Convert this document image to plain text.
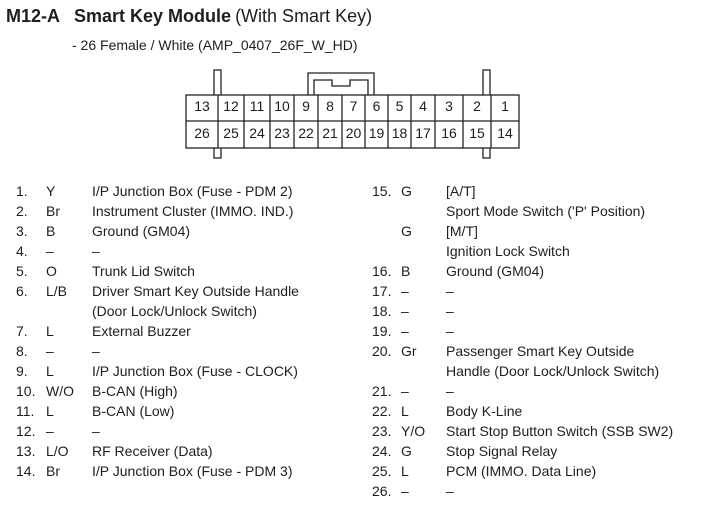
M12-A Smart Key Module (With Smart Key)
- 26 Female / White (AMP_0407_26F_W_HD)
13 12 11 10 9	8	7	6	5	4	3	2	1
26 25 24 23 22 21 20 19 18 17 16 15 14
1. Y	I/P Junction Box (Fuse - PDM 2)
2. Br Instrument Cluster (IMMO. IND.)
3. B	Ground (GM04)
4. –	–
5. O	Trunk Lid Switch
6. L/B Driver Smart Key Outside Handle
(Door Lock/Unlock Switch)
7. L	External Buzzer
8. –	–
9. L	I/P Junction Box (Fuse - CLOCK)
10. W/O B-CAN (High)
11. L	B-CAN (Low)
12. –	–
13. L/O RF Receiver (Data)
14. Br I/P Junction Box (Fuse - PDM 3)
15. G [A/T]
Sport Mode Switch ('P' Position)
G [M/T]
Ignition Lock Switch
16. B	Ground (GM04)
17. –	–
18. –	–
19. –	–
20. Gr Passenger Smart Key Outside
Handle (Door Lock/Unlock Switch)
21. –	–
22. L	Body K-Line
23. Y/O Start Stop Button Switch (SSB SW2)
24. G Stop Signal Relay
25. L	PCM (IMMO. Data Line)
26. –	–
